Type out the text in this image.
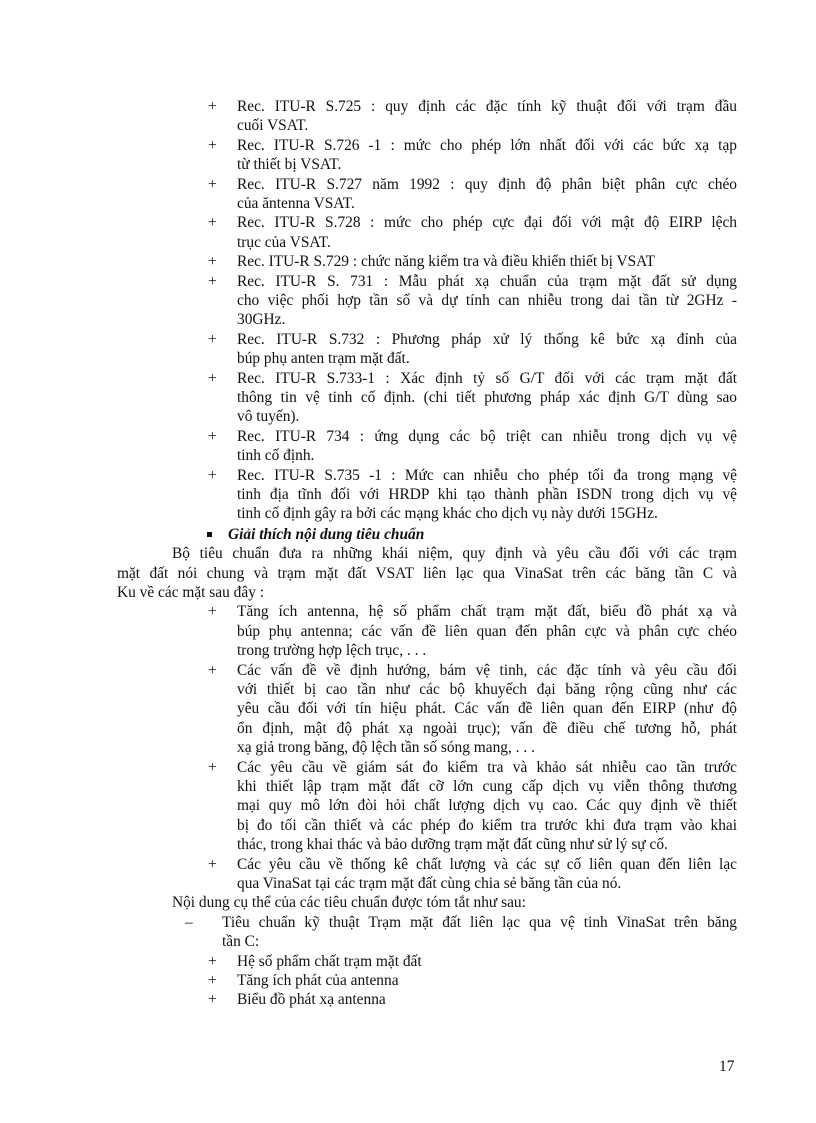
+ Rec. ITU-R S.725 : quy định các đặc tính kỹ thuật đối với trạm đầu
cuối VSAT.
+ Rec. ITU-R S.726 -1 : mức cho phép lớn nhất đối với các bức xạ tạp
từ thiết bị VSAT.
+ Rec. ITU-R S.727 năm 1992 : quy định độ phân biệt phân cực chéo
của ăntenna VSAT.
+ Rec. ITU-R S.728 : mức cho phép cực đại đối với mật độ EIRP lệch
trục của VSAT.
+ Rec. ITU-R S.729 : chức năng kiểm tra và điều khiển thiết bị VSAT
+ Rec. ITU-R S. 731 : Mẫu phát xạ chuẩn của trạm mặt đất sử dụng
cho việc phối hợp tần số và dự tính can nhiễu trong dai tần từ 2GHz -
30GHz.
+ Rec. ITU-R S.732 : Phương pháp xử lý thống kê bức xạ đỉnh của
búp phụ anten trạm mặt đất.
+ Rec. ITU-R S.733-1 : Xác định tỷ số G/T đối với các trạm mặt đất
thông tin vệ tinh cố định. (chi tiết phương pháp xác định G/T dùng sao
vô tuyến).
+ Rec. ITU-R 734 : ứng dụng các bộ triệt can nhiễu trong dịch vụ vệ
tinh cố định.
+ Rec. ITU-R S.735 -1 : Mức can nhiễu cho phép tối đa trong mạng vệ
tinh địa tĩnh đối với HRDP khi tạo thành phần ISDN trong dịch vụ vệ
tinh cố định gây ra bởi các mạng khác cho dịch vụ này dưới 15GHz.
Giải thích nội dung tiêu chuẩn
Bộ tiêu chuẩn đưa ra những khái niệm, quy định và yêu cầu đối với các trạm
mặt đất nói chung và trạm mặt đất VSAT liên lạc qua VinaSat trên các băng tần C và
Ku về các mặt sau đây :
+ Tăng ích antenna, hệ số phẩm chất trạm mặt đất, biểu đồ phát xạ và
búp phụ antenna; các vấn đề liên quan đến phân cực và phân cực chéo
trong trường hợp lệch trục, . . .
+ Các vấn đề về định hướng, bám vệ tinh, các đặc tính và yêu cầu đối
với thiết bị cao tần như các bộ khuyếch đại băng rộng cũng như các
yêu cầu đối với tín hiệu phát. Các vấn đề liên quan đến EIRP (như độ
ổn định, mật độ phát xạ ngoài trục); vấn đề điều chế tương hỗ, phát
xạ giả trong băng, độ lệch tần số sóng mang, . . .
+ Các yêu cầu về giám sát đo kiểm tra và khảo sát nhiễu cao tần trước
khi thiết lập trạm mặt đất cỡ lớn cung cấp dịch vụ viễn thông thương
mại quy mô lớn đòi hỏi chất lượng dịch vụ cao. Các quy định về thiết
bị đo tối cần thiết và các phép đo kiểm tra trước khi đưa trạm vào khai
thác, trong khai thác và bảo dưỡng trạm mặt đất cũng như sử lý sự cố.
+ Các yêu cầu về thống kê chất lượng và các sự cố liên quan đến liên lạc
qua VinaSat tại các trạm mặt đất cùng chia sẻ băng tần của nó.
Nội dung cụ thể của các tiêu chuẩn được tóm tắt như sau:
– Tiêu chuẩn kỹ thuật Trạm mặt đất liên lạc qua vệ tinh VinaSat trên băng
tần C:
+ Hệ số phẩm chất trạm mặt đất
+ Tăng ích phát của antenna
+ Biểu đồ phát xạ antenna
17
